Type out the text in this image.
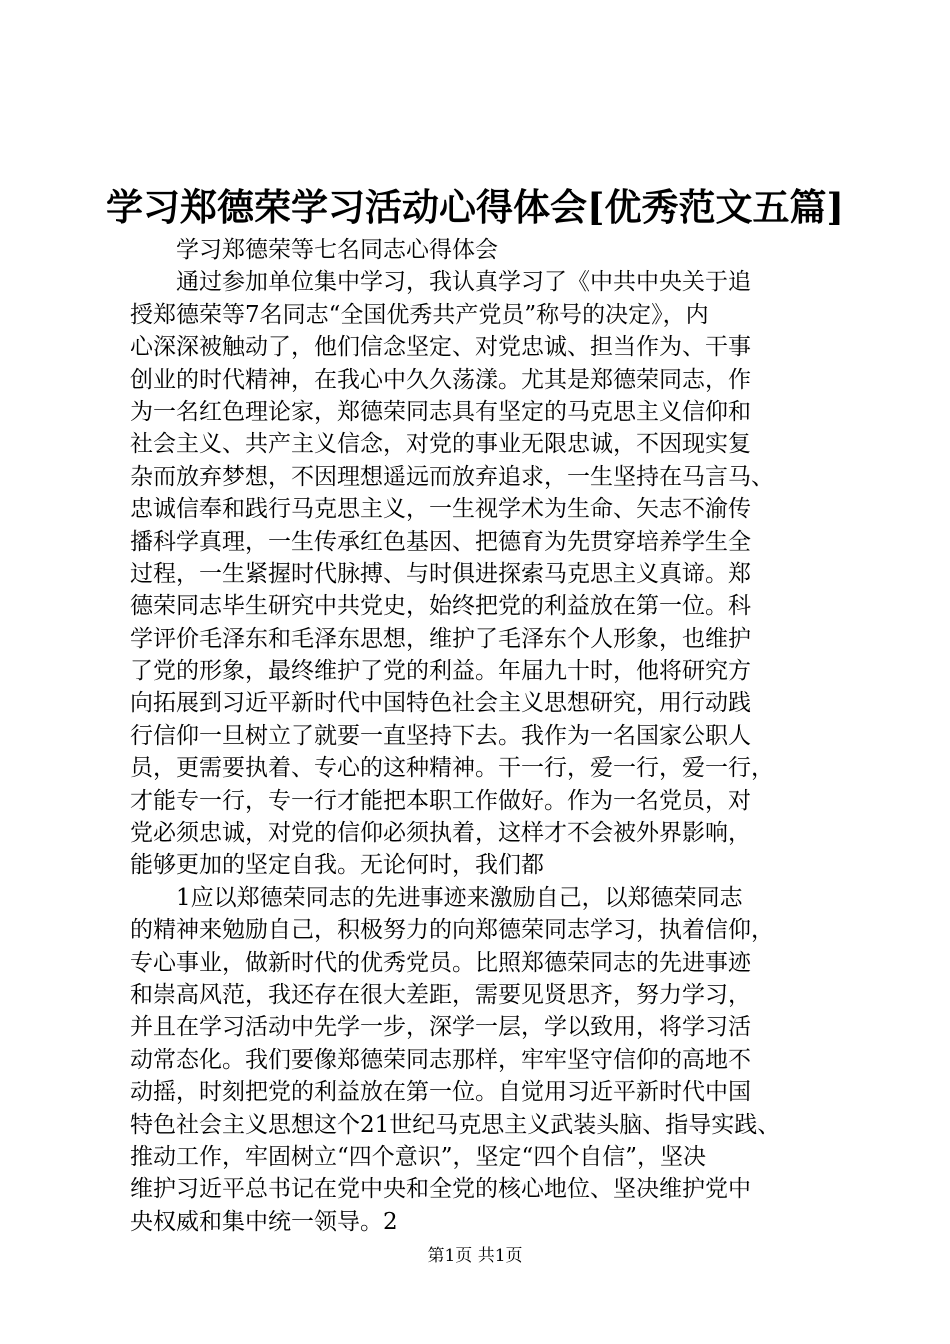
学习郑德荣学习活动心得体会[优秀范文五篇]
学习郑德荣等七名同志心得体会
通过参加单位集中学习，我认真学习了《中共中央关于追
授郑德荣等7名同志“全国优秀共产党员”称号的决定》，内
心深深被触动了，他们信念坚定、对党忠诚、担当作为、干事
创业的时代精神，在我心中久久荡漾。尤其是郑德荣同志，作
为一名红色理论家，郑德荣同志具有坚定的马克思主义信仰和
社会主义、共产主义信念，对党的事业无限忠诚，不因现实复
杂而放弃梦想，不因理想遥远而放弃追求，一生坚持在马言马、
忠诚信奉和践行马克思主义，一生视学术为生命、矢志不渝传
播科学真理，一生传承红色基因、把德育为先贯穿培养学生全
过程，一生紧握时代脉搏、与时俱进探索马克思主义真谛。郑
德荣同志毕生研究中共党史，始终把党的利益放在第一位。科
学评价毛泽东和毛泽东思想，维护了毛泽东个人形象，也维护
了党的形象，最终维护了党的利益。年届九十时，他将研究方
向拓展到习近平新时代中国特色社会主义思想研究，用行动践
行信仰一旦树立了就要一直坚持下去。我作为一名国家公职人
员，更需要执着、专心的这种精神。干一行，爱一行，爱一行，
才能专一行，专一行才能把本职工作做好。作为一名党员，对
党必须忠诚，对党的信仰必须执着，这样才不会被外界影响，
能够更加的坚定自我。无论何时，我们都
1应以郑德荣同志的先进事迹来激励自己，以郑德荣同志
的精神来勉励自己，积极努力的向郑德荣同志学习，执着信仰，
专心事业，做新时代的优秀党员。比照郑德荣同志的先进事迹
和崇高风范，我还存在很大差距，需要见贤思齐，努力学习，
并且在学习活动中先学一步，深学一层，学以致用，将学习活
动常态化。我们要像郑德荣同志那样，牢牢坚守信仰的高地不
动摇，时刻把党的利益放在第一位。自觉用习近平新时代中国
特色社会主义思想这个21世纪马克思主义武装头脑、指导实践、
推动工作，牢固树立“四个意识”，坚定“四个自信”，坚决
维护习近平总书记在党中央和全党的核心地位、坚决维护党中
央权威和集中统一领导。2
第1页 共1页
